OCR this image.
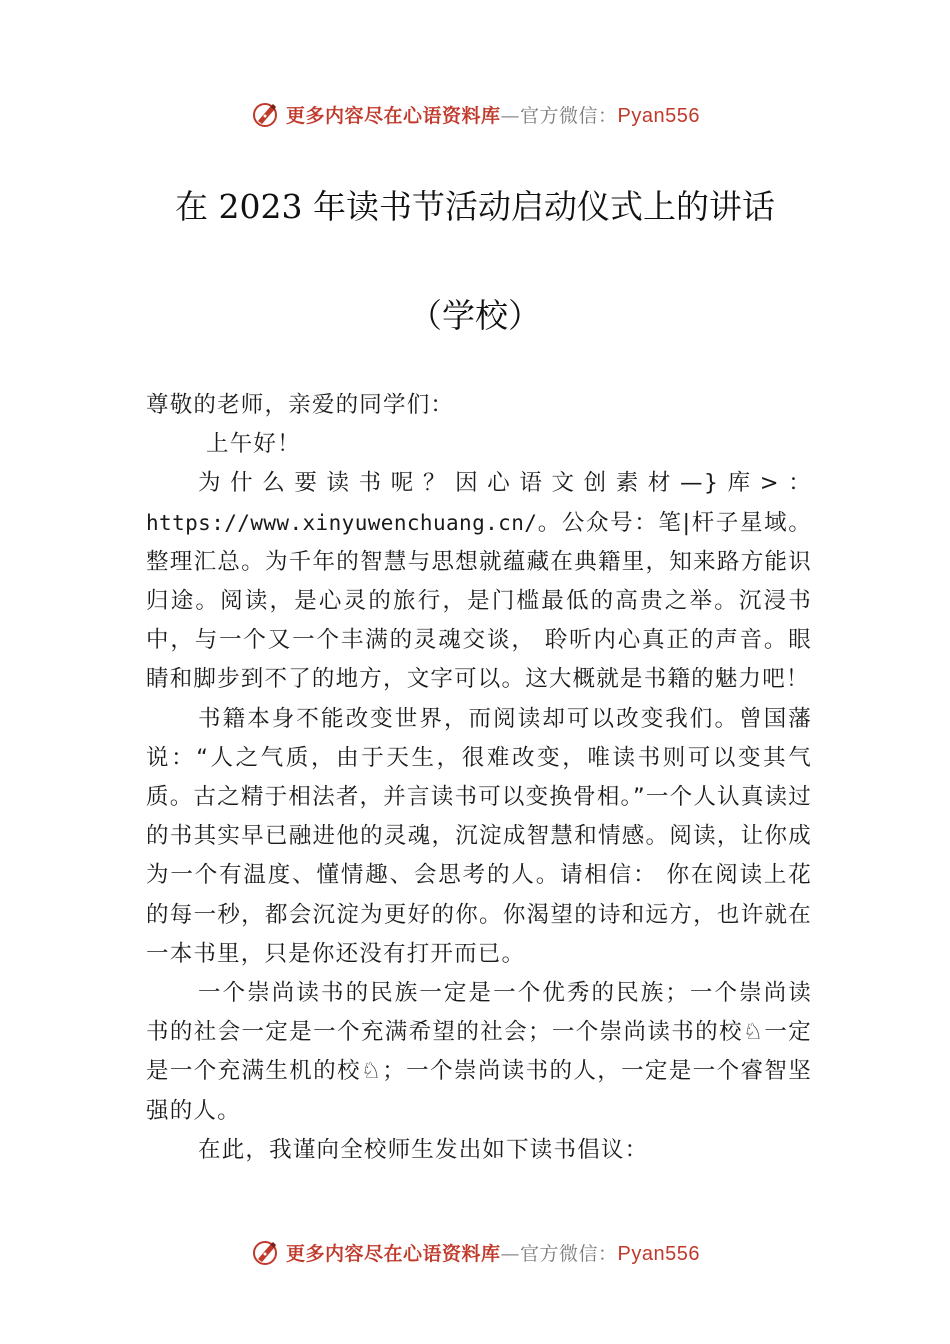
更多内容尽在心语资料库—官方微信：Pyan556
在 2023 年读书节活动启动仪式上的讲话
（学校）

尊敬的老师，亲爱的同学们：

上午好！

为什么要读书呢？因心语文创素材—}库>：https://www.xinyuwenchuang.cn/。公众号：笔|杆子星域。整理汇总。为千年的智慧与思想就蕴藏在典籍里，知来路方能识归途。阅读，是心灵的旅行，是门槛最低的高贵之举。沉浸书中，与一个又一个丰满的灵魂交谈， 聆听内心真正的声音。眼睛和脚步到不了的地方，文字可以。这大概就是书籍的魅力吧！

书籍本身不能改变世界，而阅读却可以改变我们。曾国藩说：“人之气质，由于天生，很难改变，唯读书则可以变其气质。古之精于相法者，并言读书可以变换骨相。”一个人认真读过的书其实早已融进他的灵魂，沉淀成智慧和情感。阅读，让你成为一个有温度、懂情趣、会思考的人。请相信： 你在阅读上花的每一秒，都会沉淀为更好的你。你渴望的诗和远方，也许就在一本书里，只是你还没有打开而已。

一个崇尚读书的民族一定是一个优秀的民族；一个崇尚读书的社会一定是一个充满希望的社会；一个崇尚读书的校♘一定是一个充满生机的校♘；一个崇尚读书的人，一定是一个睿智坚强的人。

在此，我谨向全校师生发出如下读书倡议：

更多内容尽在心语资料库—官方微信：Pyan556
